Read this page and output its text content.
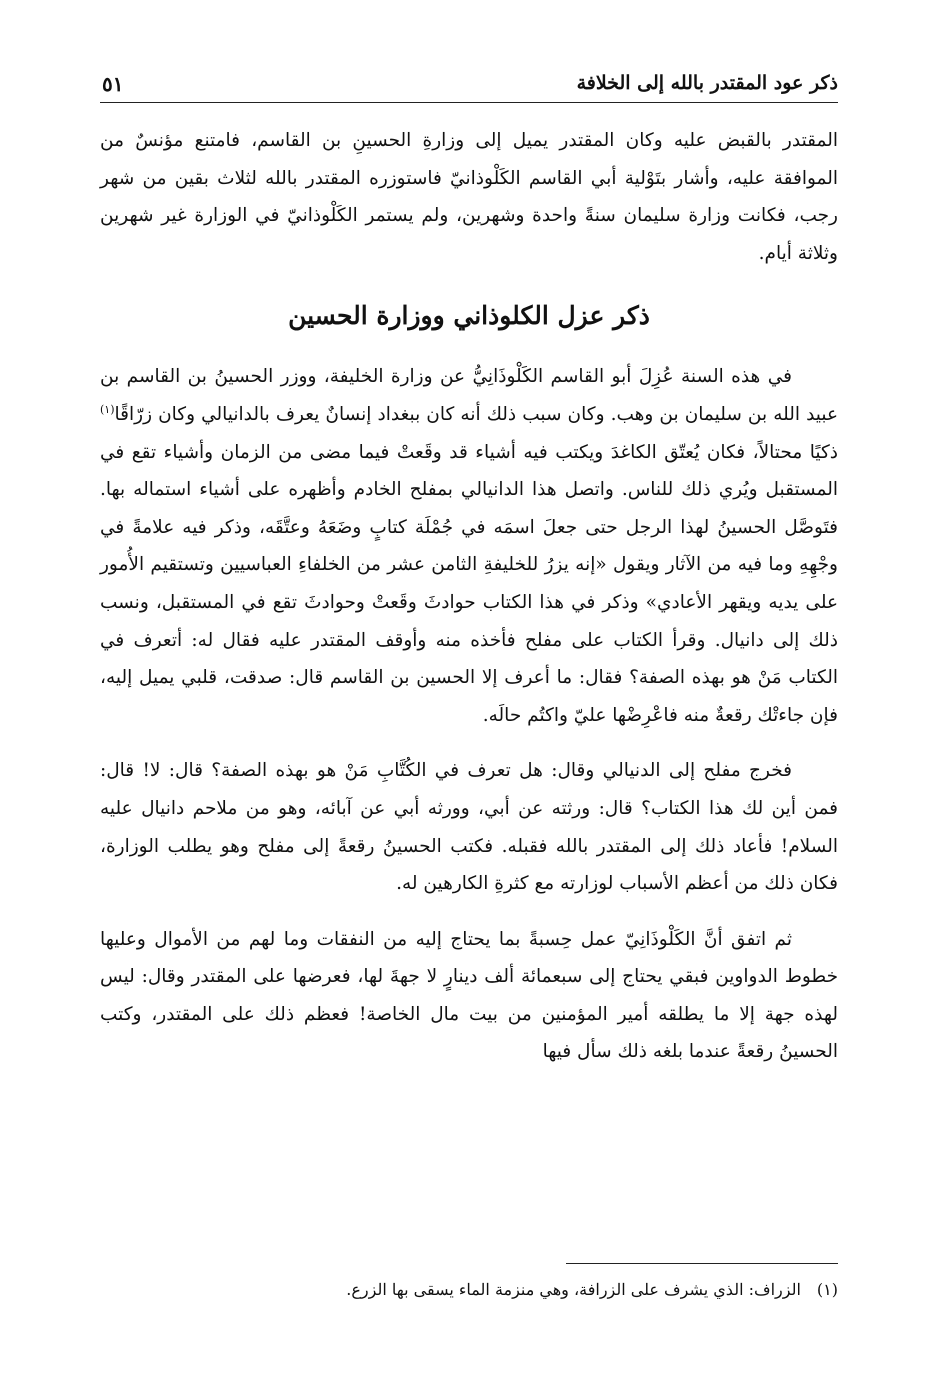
ذكر عود المقتدر بالله إلى الخلافة
٥١

المقتدر بالقبض عليه وكان المقتدر يميل إلى وزارةِ الحسينِ بن القاسم، فامتنع مؤنسٌ من الموافقة عليه، وأشار بتَوْلية أبي القاسم الكَلْوذانيّ فاستوزره المقتدر بالله لثلاث بقين من شهر رجب، فكانت وزارة سليمان سنةً واحدة وشهرين، ولم يستمر الكَلْوذانيّ في الوزارة غير شهرين وثلاثة أيام.

ذكر عزل الكلوذاني ووزارة الحسين

في هذه السنة عُزِلَ أبو القاسم الكَلْوذَانِيُّ عن وزارة الخليفة، ووزر الحسينُ بن القاسم بن عبيد الله بن سليمان بن وهب. وكان سبب ذلك أنه كان ببغداد إنسانٌ يعرف بالدانيالي وكان زرّاقًا$^{(١)}$ ذكيًا محتالاً، فكان يُعتّق الكاغدَ ويكتب فيه أشياء قد وقَعتْ فيما مضى من الزمان وأشياء تقع في المستقبل ويُري ذلك للناس. واتصل هذا الدانيالي بمفلح الخادم وأظهره على أشياء استماله بها. فتَوصَّل الحسينُ لهذا الرجل حتى جعلَ اسمَه في جُمْلَة كتابٍ وضَعَهُ وعتَّقَه، وذكر فيه علامةً في وجْهِهِ وما فيه من الآثار ويقول «إنه يزرُ للخليفةِ الثامن عشر من الخلفاءِ العباسيين وتستقيم الأُمور على يديه ويقهر الأعادي» وذكر في هذا الكتاب حوادثَ وقَعتْ وحوادثَ تقع في المستقبل، ونسب ذلك إلى دانيال. وقرأ الكتاب على مفلح فأخذه منه وأوقف المقتدر عليه فقال له: أتعرف في الكتاب مَنْ هو بهذه الصفة؟ فقال: ما أعرف إلا الحسين بن القاسم قال: صدقت، قلبي يميل إليه، فإن جاءتْك رقعةٌ منه فاعْرِضْها عليّ واكتُم حالَه.

فخرج مفلح إلى الدنيالي وقال: هل تعرف في الكُتَّابِ مَنْ هو بهذه الصفة؟ قال: لا! قال: فمن أين لك هذا الكتاب؟ قال: ورثته عن أبي، وورثه أبي عن آبائه، وهو من ملاحم دانيال عليه السلام! فأعاد ذلك إلى المقتدر بالله فقبله. فكتب الحسينُ رقعةً إلى مفلح وهو يطلب الوزارة، فكان ذلك من أعظم الأسباب لوزارته مع كثرةِ الكارهين له.

ثم اتفق أنَّ الكَلْوذَانِيّ عمل حِسبةً بما يحتاج إليه من النفقات وما لهم من الأموال وعليها خطوط الدواوين فبقي يحتاج إلى سبعمائة ألف دينارٍ لا جهةَ لها، فعرضها على المقتدر وقال: ليس لهذه جهة إلا ما يطلقه أمير المؤمنين من بيت مال الخاصة! فعظم ذلك على المقتدر، وكتب الحسينُ رقعةً عندما بلغه ذلك سأل فيها

(١)الزراف: الذي يشرف على الزرافة، وهي منزمة الماء يسقى بها الزرع.
